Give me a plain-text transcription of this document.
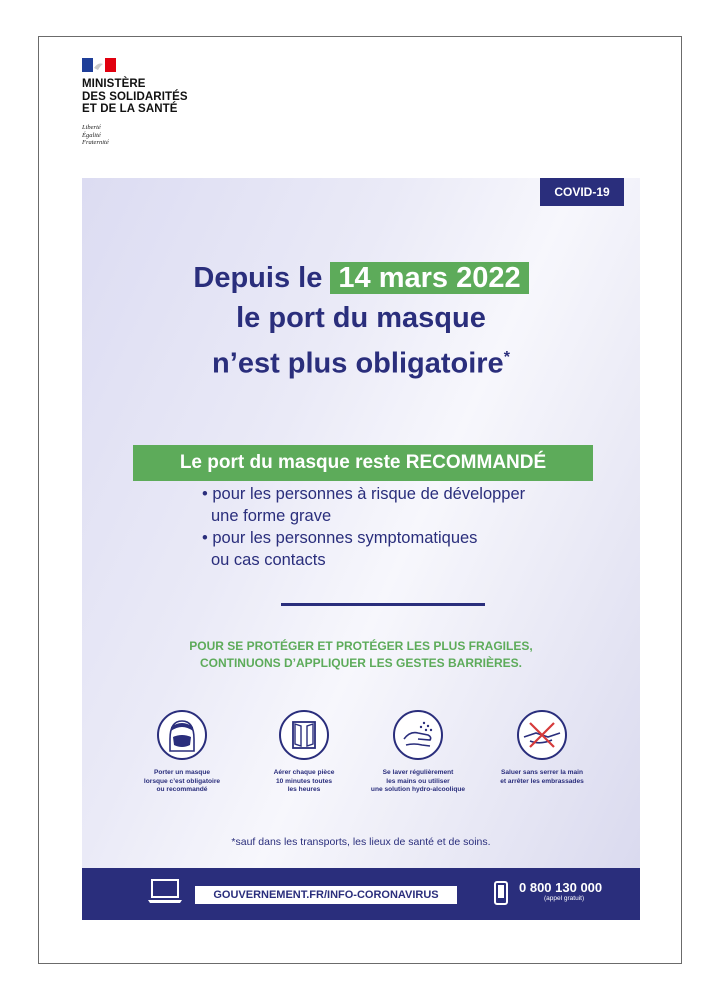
MINISTÈRE
DES SOLIDARITÉS
ET DE LA SANTÉ
Liberté
Égalité
Fraternité
COVID-19
Depuis le 14 mars 2022
le port du masque
n’est plus obligatoire*
Le port du masque reste RECOMMANDÉ
• pour les personnes à risque de développer
une forme grave
• pour les personnes symptomatiques
ou cas contacts
POUR SE PROTÉGER ET PROTÉGER LES PLUS FRAGILES,
CONTINUONS D’APPLIQUER LES GESTES BARRIÈRES.
Porter un masque
lorsque c’est obligatoire
ou recommandé
Aérer chaque pièce
10 minutes toutes
les heures
Se laver régulièrement
les mains ou utiliser
une solution hydro-alcoolique
Saluer sans serrer la main
et arrêter les embrassades
*sauf dans les transports, les lieux de santé et de soins.
GOUVERNEMENT.FR/INFO-CORONAVIRUS	0 800 130 000
(appel gratuit)
